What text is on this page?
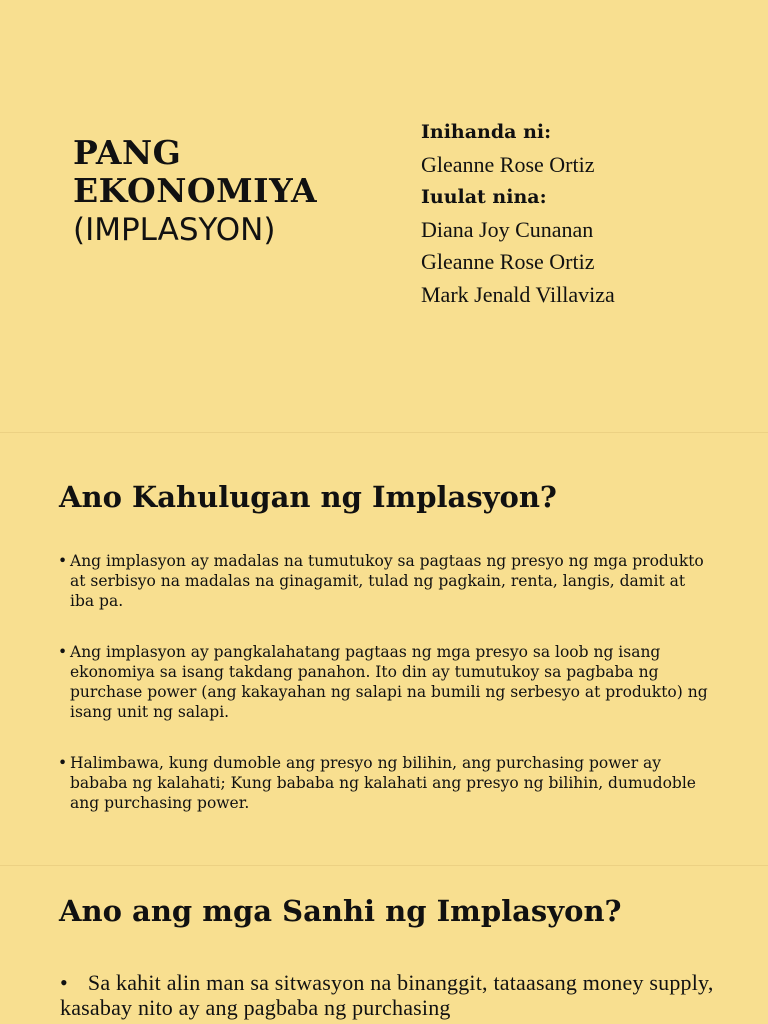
PANG
EKONOMIYA
(IMPLASYON)
Inihanda ni:
Gleanne Rose Ortiz
Iuulat nina:
Diana Joy Cunanan
Gleanne Rose Ortiz
Mark Jenald Villaviza
Ano Kahulugan ng Implasyon?
• Ang implasyon ay madalas na tumutukoy sa pagtaas ng presyo ng mga produkto at serbisyo na madalas na ginagamit, tulad ng pagkain, renta, langis, damit at iba pa.
• Ang implasyon ay pangkalahatang pagtaas ng mga presyo sa loob ng isang ekonomiya sa isang takdang panahon. Ito din ay tumutukoy sa pagbaba ng purchase power (ang kakayahan ng salapi na bumili ng serbesyo at produkto) ng isang unit ng salapi.
• Halimbawa, kung dumoble ang presyo ng bilihin, ang purchasing power ay bababa ng kalahati; Kung bababa ng kalahati ang presyo ng bilihin, dumudoble ang purchasing power.
Ano ang mga Sanhi ng Implasyon?
• Sa kahit alin man sa sitwasyon na binanggit, tataasang money supply, kasabay nito ay ang pagbaba ng purchasing
